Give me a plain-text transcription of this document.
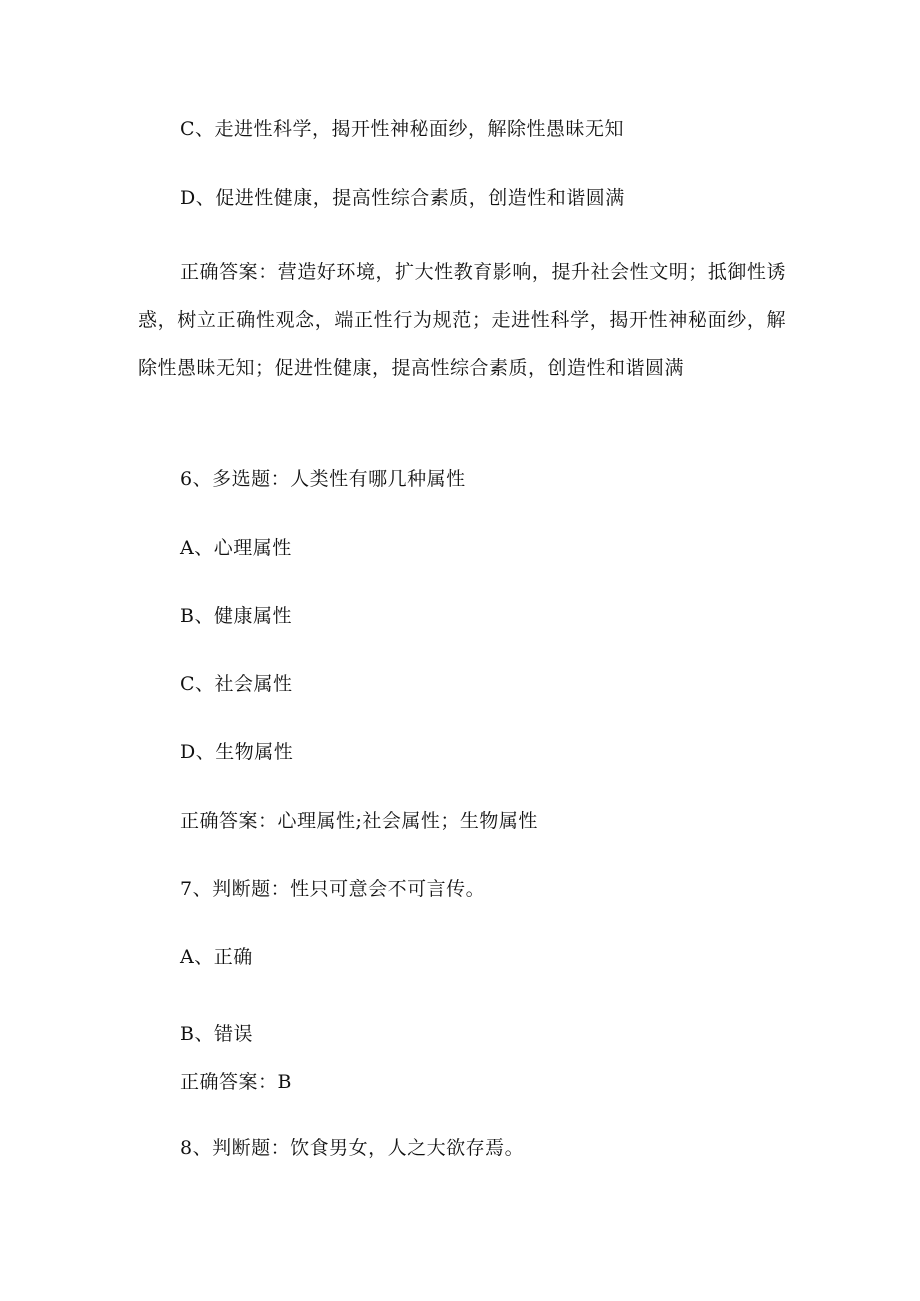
C、走进性科学，揭开性神秘面纱，解除性愚昧无知
D、促进性健康，提高性综合素质，创造性和谐圆满

正确答案：营造好环境，扩大性教育影响，提升社会性文明；抵御性诱惑，树立正确性观念，端正性行为规范；走进性科学，揭开性神秘面纱，解除性愚昧无知；促进性健康，提高性综合素质，创造性和谐圆满

6、多选题：人类性有哪几种属性
A、心理属性
B、健康属性
C、社会属性
D、生物属性
正确答案：心理属性;社会属性；生物属性
7、判断题：性只可意会不可言传。
A、正确
B、错误
正确答案：B
8、判断题：饮食男女，人之大欲存焉。
